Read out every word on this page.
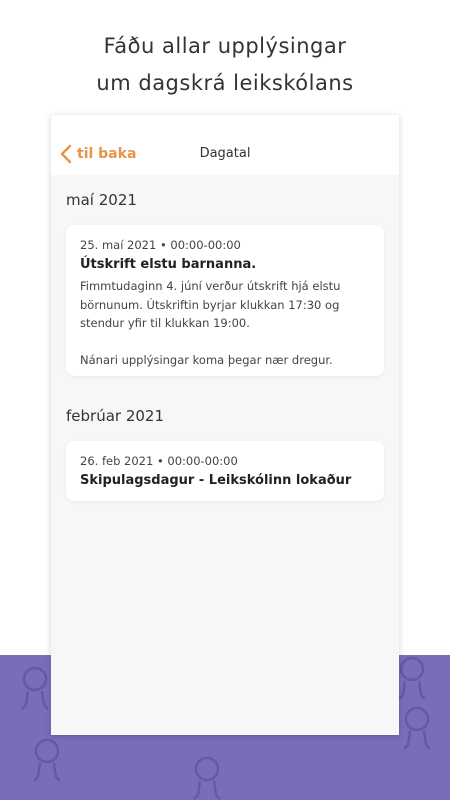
Fáðu allar upplýsingar
um dagskrá leikskólans
til baka	Dagatal
maí 2021
25. maí 2021 • 00:00-00:00
Útskrift elstu barnanna.

Fimmtudaginn 4. júní verður útskrift hjá elstu börnunum. Útskriftin byrjar klukkan 17:30 og stendur yfir til klukkan 19:00.

Nánari upplýsingar koma þegar nær dregur.

febrúar 2021
26. feb 2021 • 00:00-00:00
Skipulagsdagur - Leikskólinn lokaður
